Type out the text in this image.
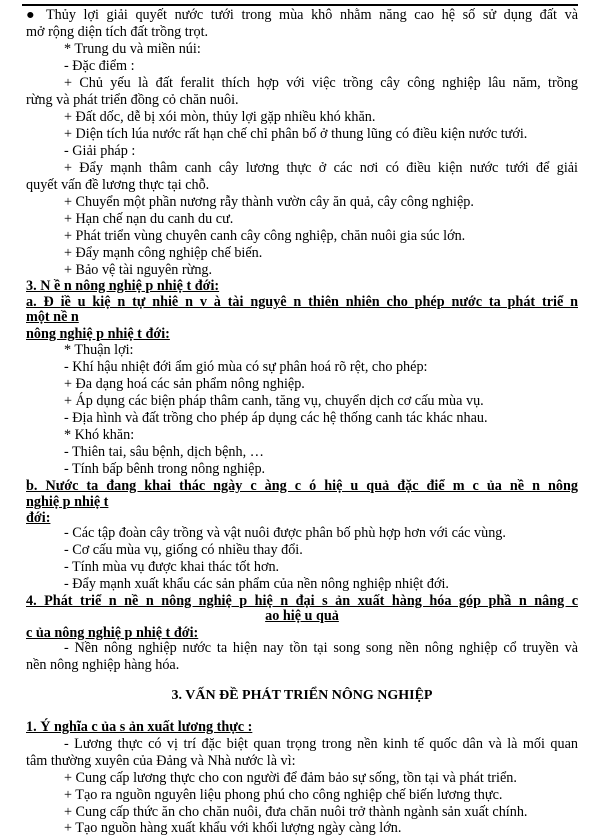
● Thủy lợi giải quyết nước tưới trong mùa khô nhằm năng cao hệ số sử dụng đất và
mở rộng diện tích đất trồng trọt.
* Trung du và miền núi:
- Đặc điểm :
+ Chủ yếu là đất feralit thích hợp với việc trồng cây công nghiệp lâu năm, trồng
rừng và phát triển đồng cỏ chăn nuôi.
+ Đất dốc, dễ bị xói mòn, thủy lợi gặp nhiều khó khăn.
+ Diện tích lúa nước rất hạn chế chỉ phân bố ở thung lũng có điều kiện nước tưới.
- Giải pháp :
+ Đẩy mạnh thâm canh cây lương thực ở các nơi có điều kiện nước tưới để giải
quyết vấn đề lương thực tại chỗ.
+ Chuyển một phần nương rẫy thành vườn cây ăn quả, cây công nghiệp.
+ Hạn chế nạn du canh du cư.
+ Phát triển vùng chuyên canh cây công nghiệp, chăn nuôi gia súc lớn.
+ Đẩy mạnh công nghiệp chế biến.
+ Bảo vệ tài nguyên rừng.
3. N ề n nông nghiệ p nhiệ t đới:
a. Đ iề u kiệ n tự nhiê n v à tài nguyê n thiên nhiên cho phép nước ta phát triể n
một nề n
nông nghiệ p nhiệ t đới:
* Thuận lợi:
- Khí hậu nhiệt đới ẩm gió mùa có sự phân hoá rõ rệt, cho phép:
+ Đa dạng hoá các sản phẩm nông nghiệp.
+ Áp dụng các biện pháp thâm canh, tăng vụ, chuyển dịch cơ cấu mùa vụ.
- Địa hình và đất trồng cho phép áp dụng các hệ thống canh tác khác nhau.
* Khó khăn:
- Thiên tai, sâu bệnh, dịch bệnh, …
- Tính bấp bênh trong nông nghiệp.
b. Nước ta đang khai thác ngày c àng c ó hiệ u quả đặc điể m c ủa nề n nông
nghiệ p nhiệ t
đới:
- Các tập đoàn cây trồng và vật nuôi được phân bố phù hợp hơn với các vùng.
- Cơ cấu mùa vụ, giống có nhiều thay đổi.
- Tính mùa vụ được khai thác tốt hơn.
- Đẩy mạnh xuất khẩu các sản phẩm của nền nông nghiệp nhiệt đới.
4. Phát triể n nề n nông nghiệ p hiệ n đại s ản xuất hàng hóa góp phầ n nâng c
ao hiệ u quả
c ủa nông nghiệ p nhiệ t đới:
- Nền nông nghiệp nước ta hiện nay tồn tại song song nền nông nghiệp cổ truyền và
nền nông nghiệp hàng hóa.
3. VẤN ĐỀ PHÁT TRIỂN NÔNG NGHIỆP
1. Ý nghĩa c ủa s ản xuất lương thực :
- Lương thực có vị trí đặc biệt quan trọng trong nền kinh tế quốc dân và là mối quan
tâm thường xuyên của Đảng và Nhà nước là vì:
+ Cung cấp lương thực cho con người để đảm bảo sự sống, tồn tại và phát triển.
+ Tạo ra nguồn nguyên liệu phong phú cho công nghiệp chế biến lương thực.
+ Cung cấp thức ăn cho chăn nuôi, đưa chăn nuôi trở thành ngành sản xuất chính.
+ Tạo nguồn hàng xuất khẩu với khối lượng ngày càng lớn.
